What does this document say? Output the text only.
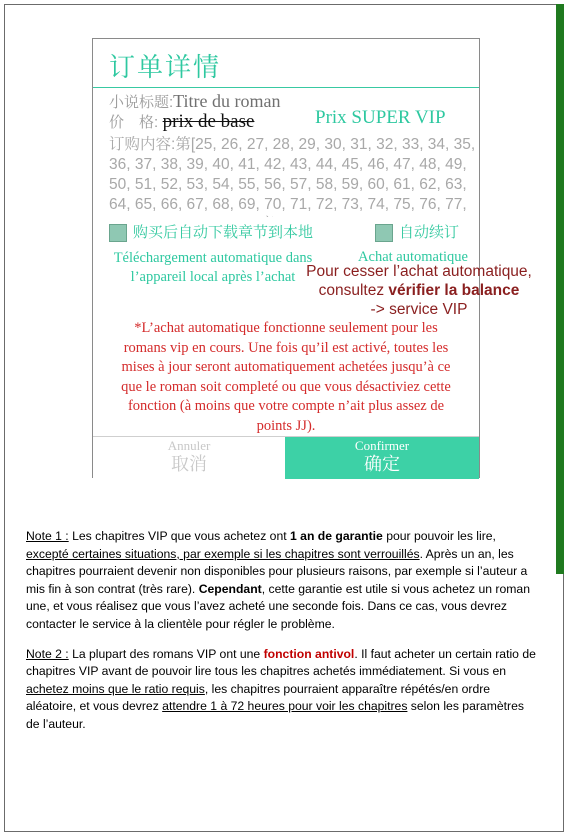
订单详情
小说标题:Titre du roman
价　格: prix de base	Prix SUPER VIP
订购内容:第[25, 26, 27, 28, 29, 30, 31, 32, 33, 34, 35, 36, 37, 38, 39, 40, 41, 42, 43, 44, 45, 46, 47, 48, 49, 50, 51, 52, 53, 54, 55, 56, 57, 58, 59, 60, 61, 62, 63, 64, 65, 66, 67, 68, 69, 70, 71, 72, 73, 74, 75, 76, 77,
购买后自动下载章节到本地	自动续订
Téléchargement automatique dans l’appareil local après l’achat
Achat automatique
*L’achat automatique fonctionne seulement pour les romans vip en cours. Une fois qu’il est activé, toutes les mises à jour seront automatiquement achetées jusqu’à ce que le roman soit completé ou que vous désactiviez cette fonction (à moins que votre compte n’ait plus assez de points JJ).
Annuler
取消
Confirmer
确定
Pour cesser l’achat automatique,
consultez vérifier la balance
-> service VIP

Note 1 : Les chapitres VIP que vous achetez ont 1 an de garantie pour pouvoir les lire, excepté certaines situations, par exemple si les chapitres sont verrouillés. Après un an, les chapitres pourraient devenir non disponibles pour plusieurs raisons, par exemple si l’auteur a mis fin à son contrat (très rare). Cependant, cette garantie est utile si vous achetez un roman une, et vous réalisez que vous l’avez acheté une seconde fois. Dans ce cas, vous devrez contacter le service à la clientèle pour régler le problème.

Note 2 : La plupart des romans VIP ont une fonction antivol. Il faut acheter un certain ratio de chapitres VIP avant de pouvoir lire tous les chapitres achetés immédiatement. Si vous en achetez moins que le ratio requis, les chapitres pourraient apparaître répétés/en ordre aléatoire, et vous devrez attendre 1 à 72 heures pour voir les chapitres selon les paramètres de l’auteur.
